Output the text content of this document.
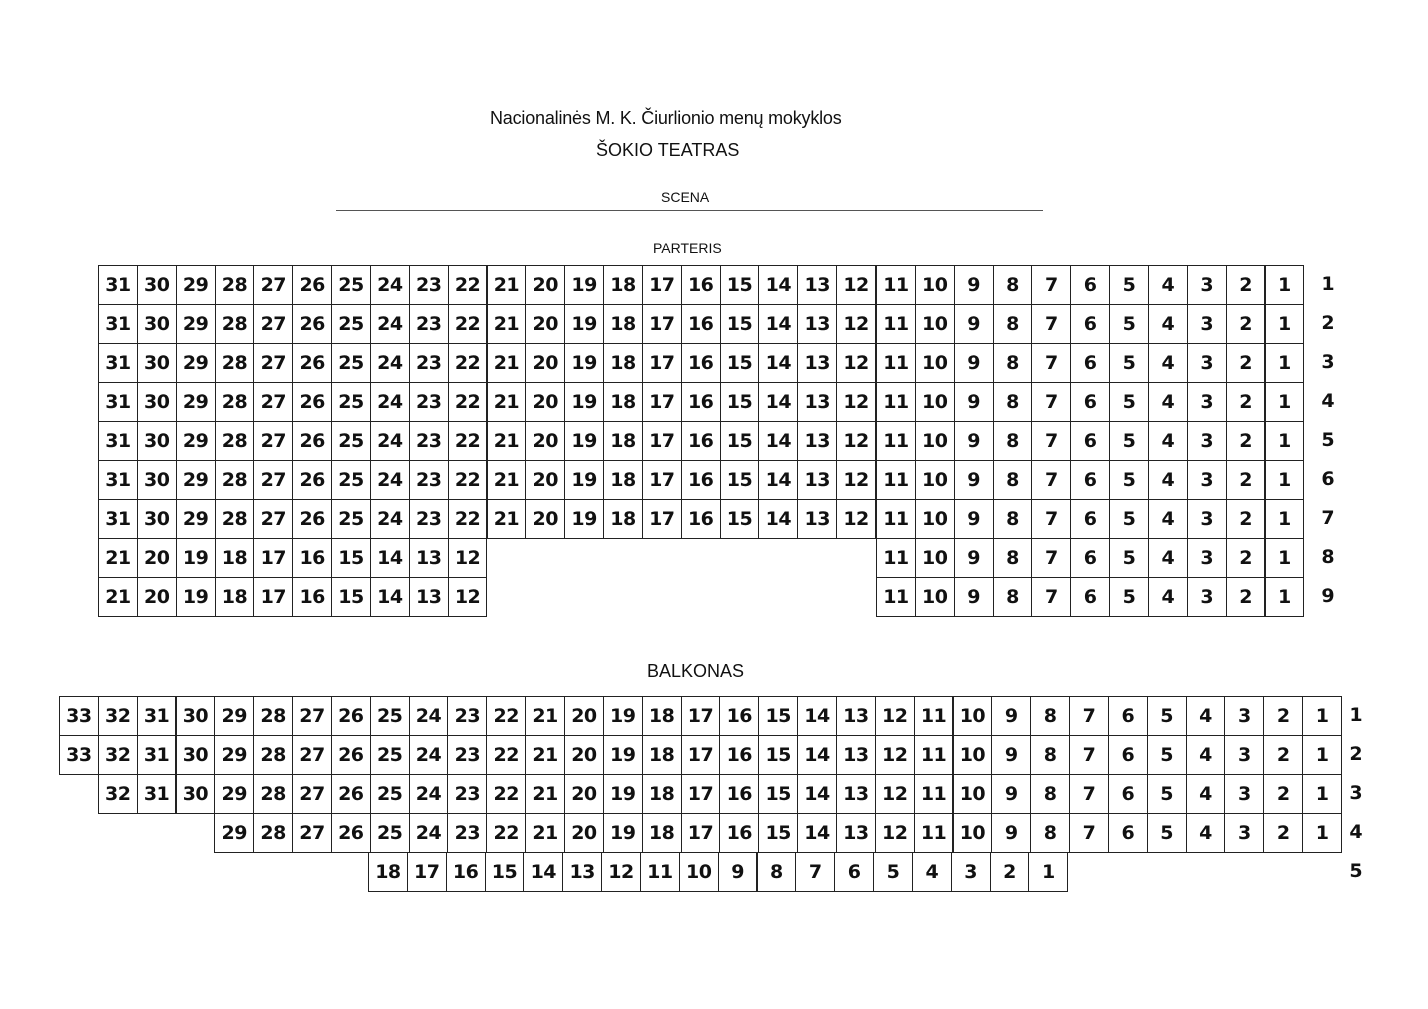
Nacionalinės M. K. Čiurlionio menų mokyklos
ŠOKIO TEATRAS
SCENA
PARTERIS
BALKONAS
31 30 29 28 27 26 25 24 23 22 21 20 19 18 17 16 15 14 13 12 11 10	9	8	7	6	5	4	3	2	1	1
31 30 29 28 27 26 25 24 23 22 21 20 19 18 17 16 15 14 13 12 11 10	9	8	7	6	5	4	3	2	1	2
31 30 29 28 27 26 25 24 23 22 21 20 19 18 17 16 15 14 13 12 11 10	9	8	7	6	5	4	3	2	1	3
31 30 29 28 27 26 25 24 23 22 21 20 19 18 17 16 15 14 13 12 11 10	9	8	7	6	5	4	3	2	1	4
31 30 29 28 27 26 25 24 23 22 21 20 19 18 17 16 15 14 13 12 11 10	9	8	7	6	5	4	3	2	1	5
31 30 29 28 27 26 25 24 23 22 21 20 19 18 17 16 15 14 13 12 11 10	9	8	7	6	5	4	3	2	1	6
31 30 29 28 27 26 25 24 23 22 21 20 19 18 17 16 15 14 13 12 11 10	9	8	7	6	5	4	3	2	1	7
21 20 19 18 17 16 15 14 13 12	11 10	9	8	7	6	5	4	3	2	1	8
21 20 19 18 17 16 15 14 13 12	11 10	9	8	7	6	5	4	3	2	1	9
33 32 31 30 29 28 27 26 25 24 23 22 21 20 19 18 17 16 15 14 13 12 11 10	9	8	7	6	5	4	3	2	1	1
33 32 31 30 29 28 27 26 25 24 23 22 21 20 19 18 17 16 15 14 13 12 11 10	9	8	7	6	5	4	3	2	1	2
32 31 30 29 28 27 26 25 24 23 22 21 20 19 18 17 16 15 14 13 12 11 10	9	8	7	6	5	4	3	2	1	3
29 28 27 26 25 24 23 22 21 20 19 18 17 16 15 14 13 12 11 10	9	8	7	6	5	4	3	2	1	4
18 17 16 15 14 13 12 11 10	9	8	7	6	5	4	3	2	1	5
